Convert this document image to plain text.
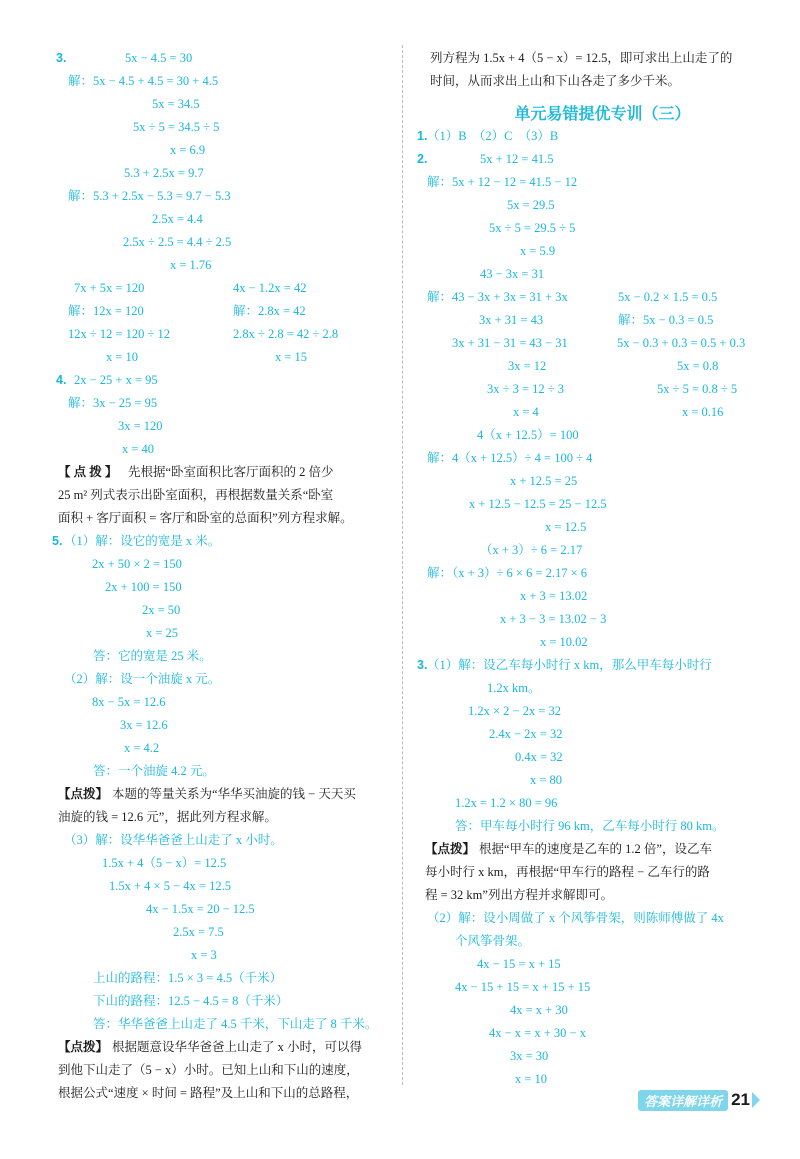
3.	5x − 4.5 = 30
解：5x − 4.5 + 4.5 = 30 + 4.5
5x = 34.5
5x ÷ 5 = 34.5 ÷ 5
x = 6.9
5.3 + 2.5x = 9.7
解：5.3 + 2.5x − 5.3 = 9.7 − 5.3
2.5x = 4.4
2.5x ÷ 2.5 = 4.4 ÷ 2.5
x = 1.76
7x + 5x = 120
解：12x = 120
12x ÷ 12 = 120 ÷ 12
x = 10
4x − 1.2x = 42
解：2.8x = 42
2.8x ÷ 2.8 = 42 ÷ 2.8
x = 15
4. 2x − 25 + x = 95
解：3x − 25 = 95
3x = 120
x = 40
【 点 拨 】 先根据“卧室面积比客厅面积的 2 倍少
25 m² 列式表示出卧室面积，再根据数量关系“卧室
面积 + 客厅面积 = 客厅和卧室的总面积”列方程求解。
5. （1）解：设它的宽是 x 米。
2x + 50 × 2 = 150
2x + 100 = 150
2x = 50
x = 25
答：它的宽是 25 米。
（2）解：设一个油旋 x 元。
8x − 5x = 12.6
3x = 12.6
x = 4.2
答：一个油旋 4.2 元。
【点拨】 本题的等量关系为“华华买油旋的钱 − 天天买
油旋的钱 = 12.6 元”，据此列方程求解。
（3）解：设华华爸爸上山走了 x 小时。
1.5x + 4（5 − x）= 12.5
1.5x + 4 × 5 − 4x = 12.5
4x − 1.5x = 20 − 12.5
2.5x = 7.5
x = 3
上山的路程：1.5 × 3 = 4.5（千米）
下山的路程：12.5 − 4.5 = 8（千米）
答：华华爸爸上山走了 4.5 千米，下山走了 8 千米。
【点拨】 根据题意设华华爸爸上山走了 x 小时，可以得
到他下山走了（5 − x）小时。已知上山和下山的速度，
根据公式“速度 × 时间 = 路程”及上山和下山的总路程，
列方程为 1.5x + 4（5 − x）= 12.5，即可求出上山走了的
时间，从而求出上山和下山各走了多少千米。
单元易错提优专训（三）
1. （1）B　（2）C　（3）B
2.	5x + 12 = 41.5
解：5x + 12 − 12 = 41.5 − 12
5x = 29.5
5x ÷ 5 = 29.5 ÷ 5
x = 5.9
43 − 3x = 31
解：43 − 3x + 3x = 31 + 3x
3x + 31 = 43
3x + 31 − 31 = 43 − 31
3x = 12
3x ÷ 3 = 12 ÷ 3
x = 4
5x − 0.2 × 1.5 = 0.5
解：5x − 0.3 = 0.5
5x − 0.3 + 0.3 = 0.5 + 0.3
5x = 0.8
5x ÷ 5 = 0.8 ÷ 5
x = 0.16
4（x + 12.5）= 100
解：4（x + 12.5）÷ 4 = 100 ÷ 4
x + 12.5 = 25
x + 12.5 − 12.5 = 25 − 12.5
x = 12.5
（x + 3）÷ 6 = 2.17
解：（x + 3）÷ 6 × 6 = 2.17 × 6
x + 3 = 13.02
x + 3 − 3 = 13.02 − 3
x = 10.02
3. （1）解：设乙车每小时行 x km，那么甲车每小时行
1.2x km。
1.2x × 2 − 2x = 32
2.4x − 2x = 32
0.4x = 32
x = 80
1.2x = 1.2 × 80 = 96
答：甲车每小时行 96 km，乙车每小时行 80 km。
【点拨】 根据“甲车的速度是乙车的 1.2 倍”，设乙车
每小时行 x km，再根据“甲车行的路程 − 乙车行的路
程 = 32 km”列出方程并求解即可。
（2）解：设小周做了 x 个风筝骨架，则陈师傅做了 4x
个风筝骨架。
4x − 15 = x + 15
4x − 15 + 15 = x + 15 + 15
4x = x + 30
4x − x = x + 30 − x
3x = 30
x = 10
答案详解详析 21
